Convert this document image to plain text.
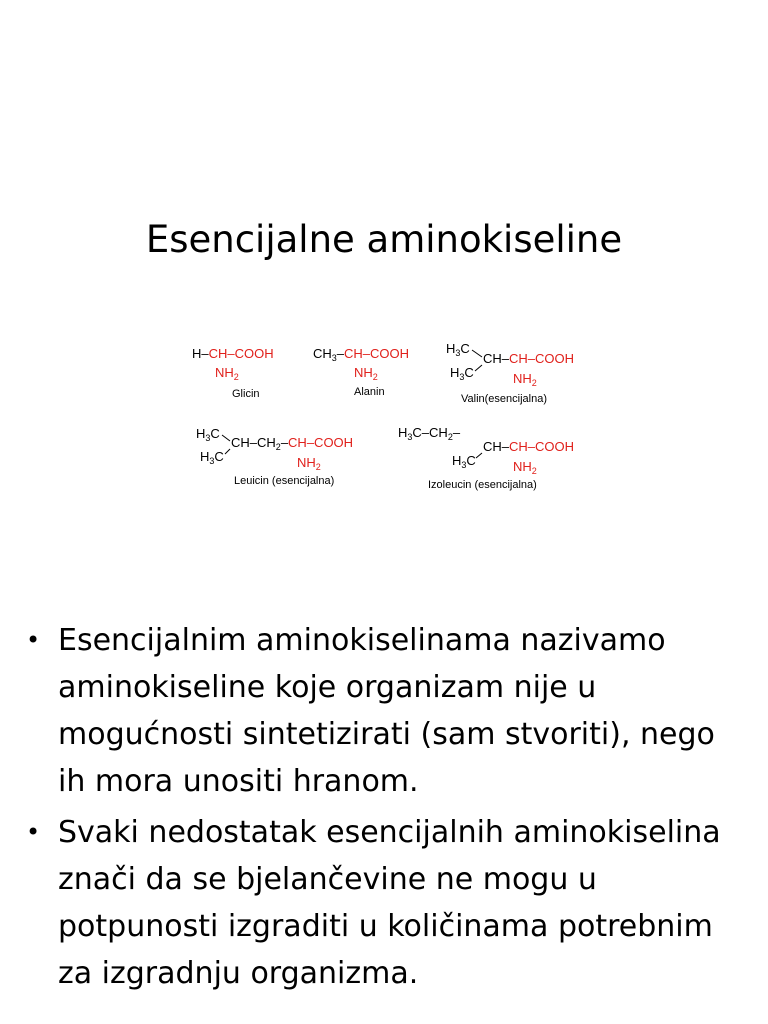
Esencijalne aminokiseline
H–CH–COOH
$NH_2$
Glicin
$CH_3-CH$–COOH
$NH_2$
Alanin
$H_3C$
$H_3C$
CH–CH–COOH
$NH_2$
Valin(esencijalna)
$H_3C$
$H_3C$
$CH-CH_2-CH$–COOH
$NH_2$
Leuicin (esencijalna)
$H_3C-CH_2-$
$H_3C$
CH–CH–COOH
$NH_2$
Izoleucin (esencijalna)
• Esencijalnim aminokiselinama nazivamo aminokiseline koje organizam nije u mogućnosti sintetizirati (sam stvoriti), nego ih mora unositi hranom.
• Svaki nedostatak esencijalnih aminokiselina znači da se bjelančevine ne mogu u potpunosti izgraditi u količinama potrebnim za izgradnju organizma.
